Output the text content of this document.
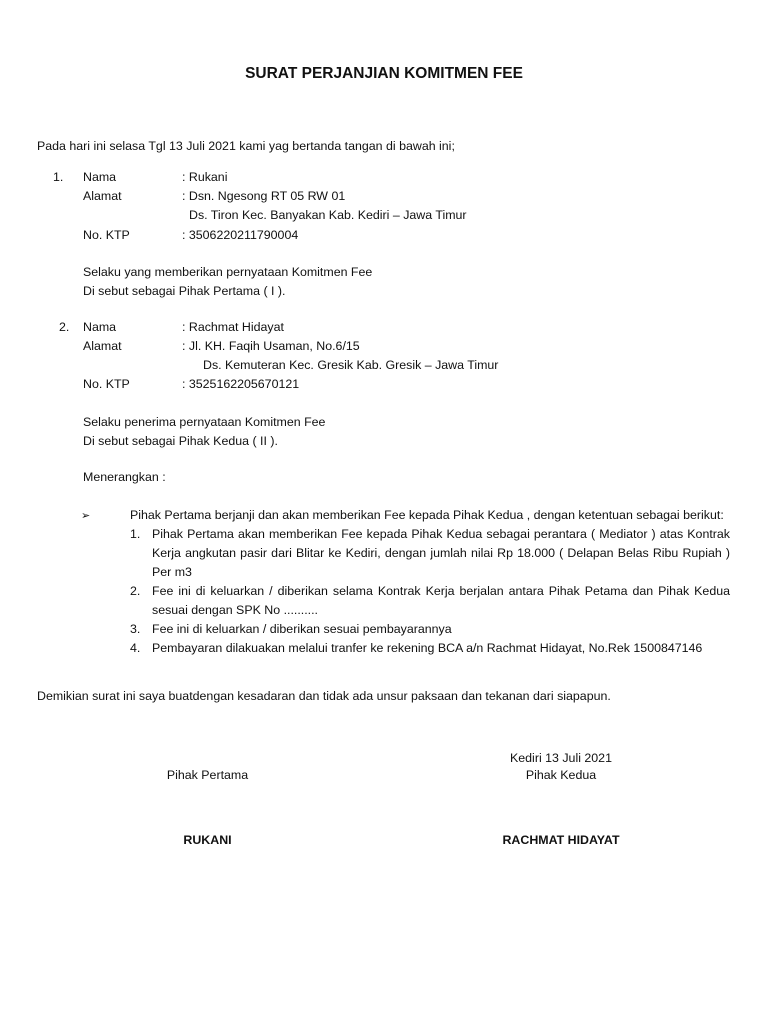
SURAT PERJANJIAN KOMITMEN FEE
Pada hari ini selasa Tgl 13 Juli 2021 kami yag bertanda tangan di bawah ini;
1. Nama	: Rukani
Alamat	: Dsn. Ngesong RT 05 RW 01
Ds. Tiron Kec. Banyakan Kab. Kediri – Jawa Timur
No. KTP	: 3506220211790004
Selaku yang memberikan pernyataan Komitmen Fee
Di sebut sebagai Pihak Pertama ( I ).
2. Nama	: Rachmat Hidayat
Alamat	: Jl. KH. Faqih Usaman, No.6/15
Ds. Kemuteran Kec. Gresik Kab. Gresik – Jawa Timur
No. KTP	: 3525162205670121
Selaku penerima pernyataan Komitmen Fee
Di sebut sebagai Pihak Kedua ( II ).
Menerangkan :
➢	Pihak Pertama berjanji dan akan memberikan Fee kepada Pihak Kedua , dengan ketentuan sebagai berikut:

1. Pihak Pertama akan memberikan Fee kepada Pihak Kedua sebagai perantara ( Mediator ) atas Kontrak Kerja angkutan pasir dari Blitar ke Kediri, dengan jumlah nilai Rp 18.000 ( Delapan Belas Ribu Rupiah ) Per m3
2. Fee ini di keluarkan / diberikan selama Kontrak Kerja berjalan antara Pihak Petama dan Pihak Kedua sesuai dengan SPK No ..........
3. Fee ini di keluarkan / diberikan sesuai pembayarannya
4. Pembayaran dilakuakan melalui tranfer ke rekening BCA a/n Rachmat Hidayat, No.Rek 1500847146
Demikian surat ini saya buatdengan kesadaran dan tidak ada unsur paksaan dan tekanan dari siapapun.
Kediri 13 Juli 2021
Pihak Pertama	Pihak Kedua
RUKANI	RACHMAT HIDAYAT
